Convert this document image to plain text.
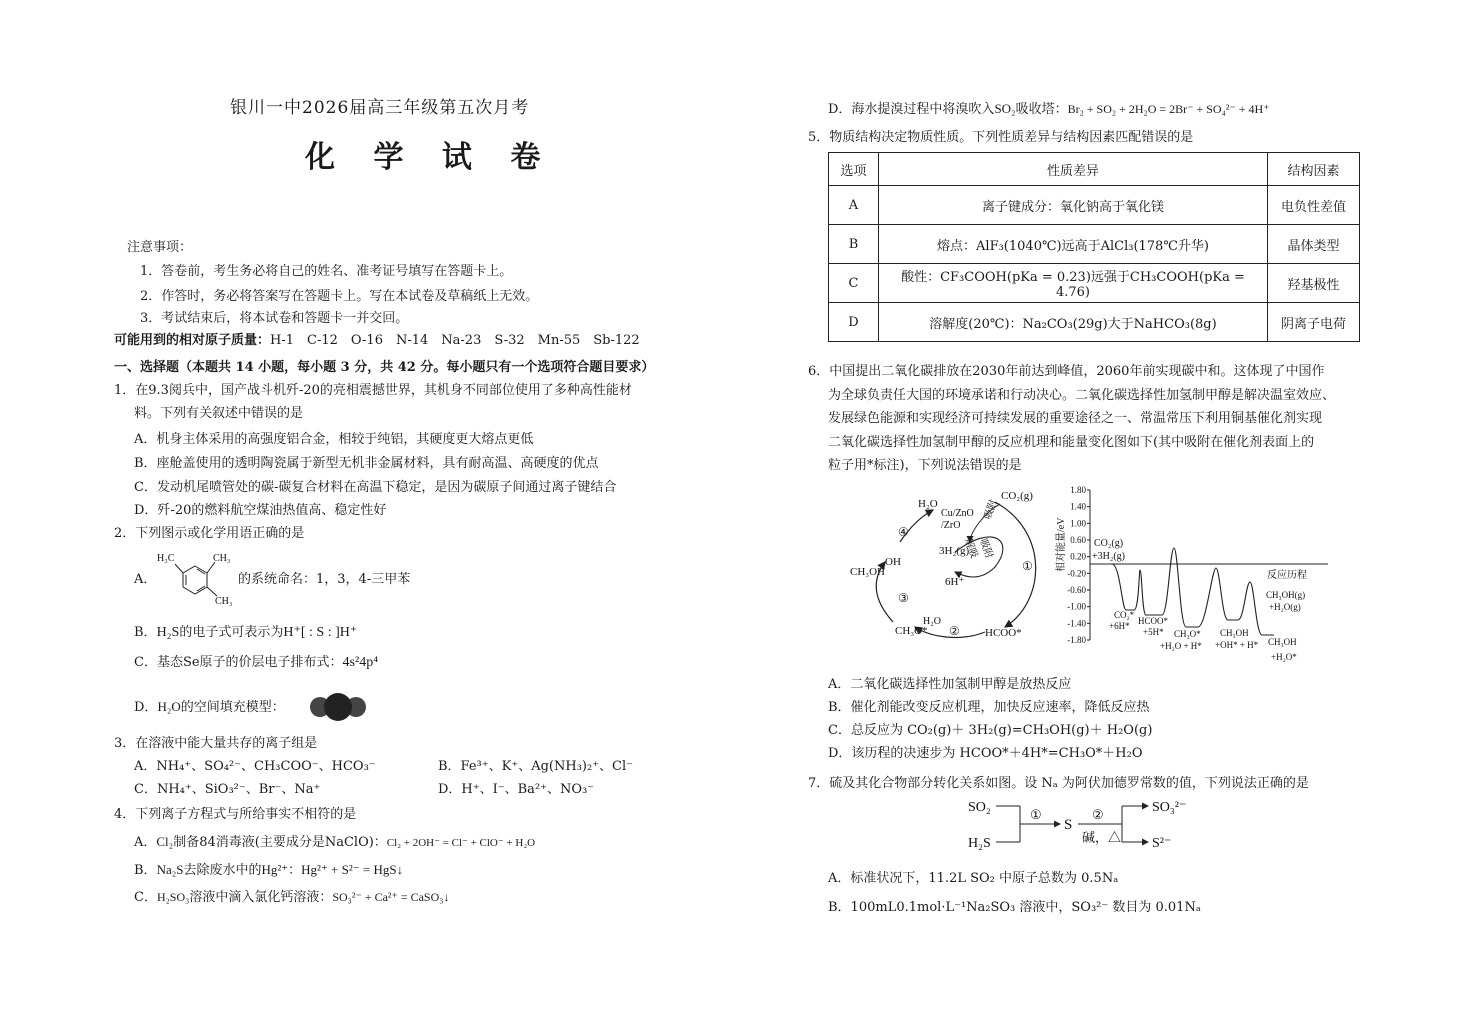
银川一中2026届高三年级第五次月考
化 学 试 卷
注意事项：
1．答卷前，考生务必将自己的姓名、准考证号填写在答题卡上。
2．作答时，务必将答案写在答题卡上。写在本试卷及草稿纸上无效。
3．考试结束后，将本试卷和答题卡一并交回。
可能用到的相对原子质量：H-1　C-12　O-16　N-14　Na-23　S-32　Mn-55　Sb-122
一、选择题（本题共 14 小题，每小题 3 分，共 42 分。每小题只有一个选项符合题目要求）
1．在9.3阅兵中，国产战斗机歼-20的亮相震撼世界，其机身不同部位使用了多种高性能材
料。下列有关叙述中错误的是
A．机身主体采用的高强度铝合金，相较于纯铝，其硬度更大熔点更低
B．座舱盖使用的透明陶瓷属于新型无机非金属材料，具有耐高温、高硬度的优点
C．发动机尾喷管处的碳-碳复合材料在高温下稳定，是因为碳原子间通过离子键结合
D．歼-20的燃料航空煤油热值高、稳定性好
2．下列图示或化学用语正确的是
A．
H₃C	CH₃
CH₃
的系统命名：1，3，4-三甲苯
B．H₂S的电子式可表示为H⁺[ : S : ]H⁺
C．基态Se原子的价层电子排布式：4s²4p⁴
D．H₂O的空间填充模型：
3．在溶液中能大量共存的离子组是
A．NH₄⁺、SO₄²⁻、CH₃COO⁻、HCO₃⁻	B．Fe³⁺、K⁺、Ag(NH₃)₂⁺、Cl⁻
C．NH₄⁺、SiO₃²⁻、Br⁻、Na⁺	D．H⁺、I⁻、Ba²⁺、NO₃⁻
4．下列离子方程式与所给事实不相符的是
A．Cl₂制备84消毒液(主要成分是NaClO)：Cl₂ + 2OH⁻ = Cl⁻ + ClO⁻ + H₂O
B．Na₂S去除废水中的Hg²⁺：Hg²⁺ + S²⁻ = HgS↓
C．H₂SO₃溶液中滴入氯化钙溶液：SO₃²⁻ + Ca²⁺ = CaSO₃↓
D．海水提溴过程中将溴吹入SO₂吸收塔：Br₂ + SO₂ + 2H₂O = 2Br⁻ + SO₄²⁻ + 4H⁺
5．物质结构决定物质性质。下列性质差异与结构因素匹配错误的是
选项	性质差异	结构因素
A	离子键成分：氧化钠高于氧化镁	电负性差值
B	熔点：AlF₃(1040℃)远高于AlCl₃(178℃升华)	晶体类型
C	酸性：CF₃COOH(pKa = 0.23)远强于CH₃COOH(pKa = 4.76)	羟基极性
D	溶解度(20℃)：Na₂CO₃(29g)大于NaHCO₃(8g)	阴离子电荷
6．中国提出二氧化碳排放在2030年前达到峰值，2060年前实现碳中和。这体现了中国作
为全球负责任大国的环境承诺和行动决心。二氧化碳选择性加氢制甲醇是解决温室效应、
发展绿色能源和实现经济可持续发展的重要途径之一、常温常压下利用铜基催化剂实现
二氧化碳选择性加氢制甲醇的反应机理和能量变化图如下(其中吸附在催化剂表面上的
粒子用*标注)，下列说法错误的是
H₂O
CO₂(g)
Cu/ZnO
/ZrO
吸附
解吸
吸附
3H₂(g)
6H⁺
CH₃OH
OH
HCOO*
CH₃O*
H₂O
①
②
③
④
1.80
1.40
1.00
0.60
0.20
-0.20
-0.60
-1.00
-1.40
-1.80
相对能量/eV
反应历程
CO₂(g)
+3H₂(g)
CO₂*
+6H* HCOO*
+5H* CH₃O*
+H₂O + H*
CH₃OH
+OH* + H*
CH₃OH(g)
+H₂O(g)
CH₃OH
+H₂O*
A．二氧化碳选择性加氢制甲醇是放热反应
B．催化剂能改变反应机理，加快反应速率，降低反应热
C．总反应为 CO₂(g)＋ 3H₂(g)=CH₃OH(g)＋ H₂O(g)
D．该历程的决速步为 HCOO*＋4H*=CH₃O*＋H₂O
7．硫及其化合物部分转化关系如图。设 Nₐ 为阿伏加德罗常数的值，下列说法正确的是
SO₂
H₂S
①
S
②
碱，△
SO₃²⁻
S²⁻
A．标准状况下，11.2L SO₂ 中原子总数为 0.5Nₐ
B．100mL0.1mol·L⁻¹Na₂SO₃ 溶液中，SO₃²⁻ 数目为 0.01Nₐ
